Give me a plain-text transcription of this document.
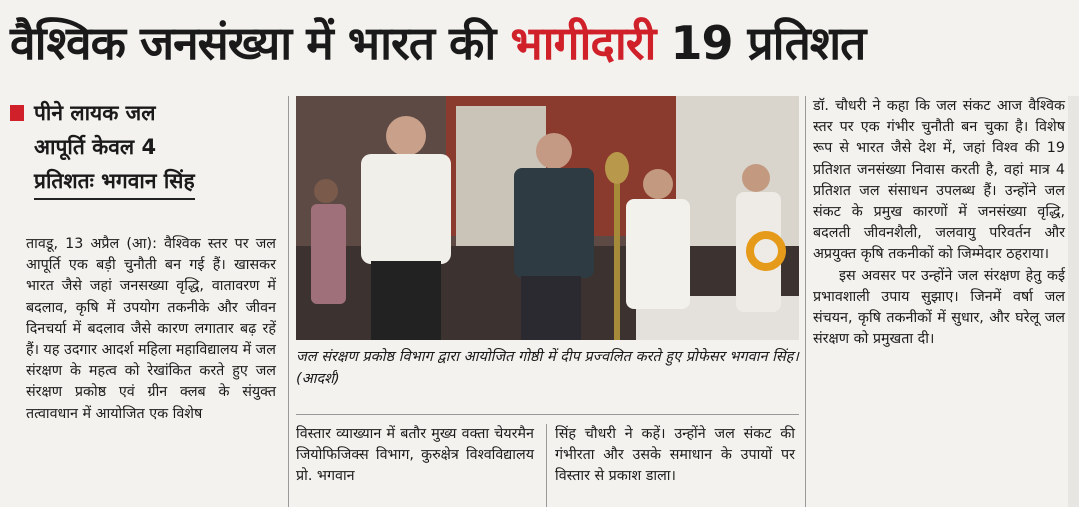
वैश्विक जनसंख्या में भारत की भागीदारी 19 प्रतिशत
पीने लायक जल
आपूर्ति केवल 4
प्रतिशतः भगवान सिंह
तावडू, 13 अप्रैल (आ): वैश्विक स्तर पर जल आपूर्ति एक बड़ी चुनौती बन गई हैं। खासकर भारत जैसे जहां जनसख्या वृद्धि, वातावरण में बदलाव, कृषि में उपयोग तकनीके और जीवन दिनचर्या में बदलाव जैसे कारण लगातार बढ़ रहें हैं। यह उदगार आदर्श महिला महाविद्यालय में जल संरक्षण के महत्व को रेखांकित करते हुए जल संरक्षण प्रकोष्ठ एवं ग्रीन क्लब के संयुक्त तत्वावधान में आयोजित एक विशेष
जल संरक्षण प्रकोष्ठ विभाग द्वारा आयोजित गोष्ठी में दीप प्रज्वलित करते हुए प्रोफेसर भगवान सिंह। (आदर्श)
विस्तार व्याख्यान में बतौर मुख्य वक्ता चेयरमैन जियोफिजिक्स विभाग, कुरुक्षेत्र विश्वविद्यालय प्रो. भगवान
सिंह चौधरी ने कहें। उन्होंने जल संकट की गंभीरता और उसके समाधान के उपायों पर विस्तार से प्रकाश डाला।
डॉ. चौधरी ने कहा कि जल संकट आज वैश्विक स्तर पर एक गंभीर चुनौती बन चुका है। विशेष रूप से भारत जैसे देश में, जहां विश्व की 19 प्रतिशत जनसंख्या निवास करती है, वहां मात्र 4 प्रतिशत जल संसाधन उपलब्ध हैं। उन्होंने जल संकट के प्रमुख कारणों में जनसंख्या वृद्धि, बदलती जीवनशैली, जलवायु परिवर्तन और अप्रयुक्त कृषि तकनीकों को जिम्मेदार ठहराया।
इस अवसर पर उन्होंने जल संरक्षण हेतु कई प्रभावशाली उपाय सुझाए। जिनमें वर्षा जल संचयन, कृषि तकनीकों में सुधार, और घरेलू जल संरक्षण को प्रमुखता दी।
